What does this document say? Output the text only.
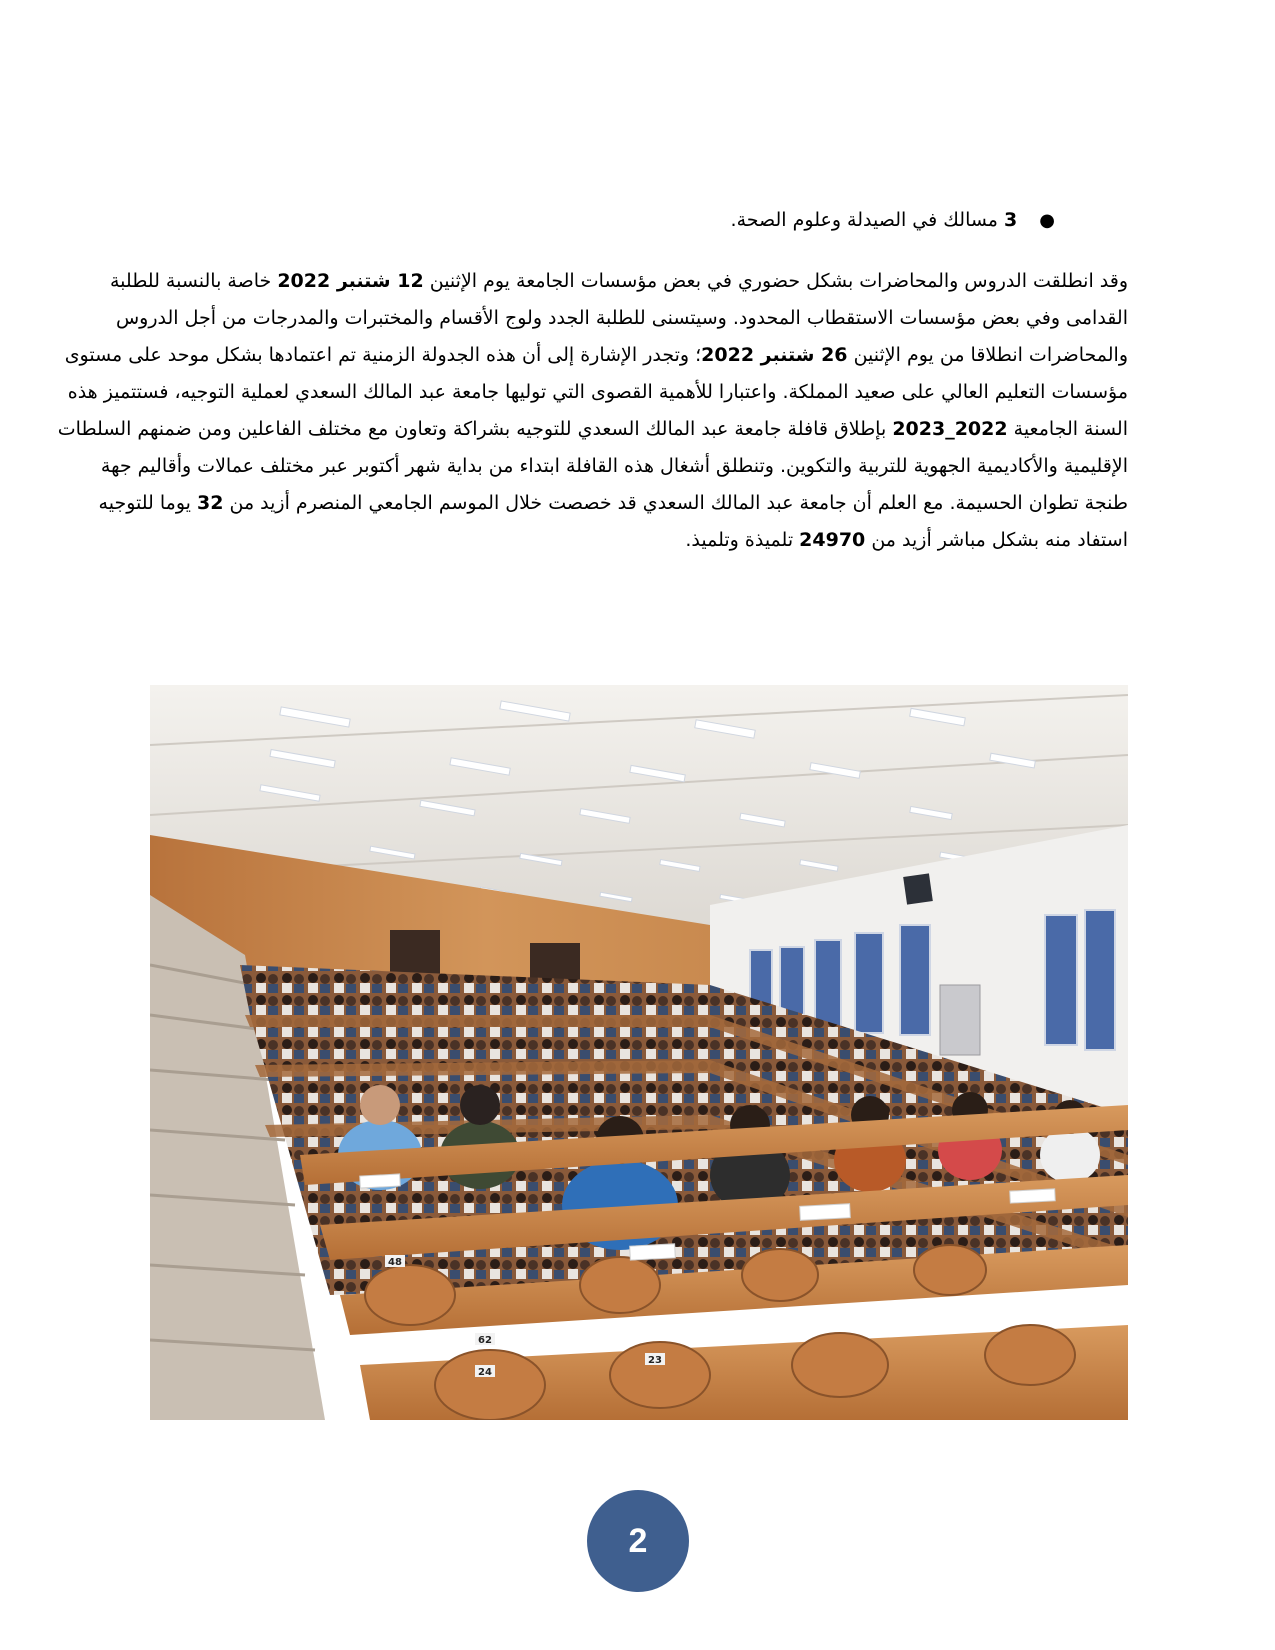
●3 مسالك في الصيدلة وعلوم الصحة.
وقد انطلقت الدروس والمحاضرات بشكل حضوري في بعض مؤسسات الجامعة يوم الإثنين 12 شتنبر 2022 خاصة بالنسبة للطلبة
القدامى وفي بعض مؤسسات الاستقطاب المحدود. وسيتسنى للطلبة الجدد ولوج الأقسام والمختبرات والمدرجات من أجل الدروس
والمحاضرات انطلاقا من يوم الإثنين 26 شتنبر 2022؛ وتجدر الإشارة إلى أن هذه الجدولة الزمنية تم اعتمادها بشكل موحد على مستوى
مؤسسات التعليم العالي على صعيد المملكة. واعتبارا للأهمية القصوى التي توليها جامعة عبد المالك السعدي لعملية التوجيه، فستتميز هذه
السنة الجامعية 2022_2023 بإطلاق قافلة جامعة عبد المالك السعدي للتوجيه بشراكة وتعاون مع مختلف الفاعلين ومن ضمنهم السلطات
الإقليمية والأكاديمية الجهوية للتربية والتكوين. وتنطلق أشغال هذه القافلة ابتداء من بداية شهر أكتوبر عبر مختلف عمالات وأقاليم جهة
طنجة تطوان الحسيمة. مع العلم أن جامعة عبد المالك السعدي قد خصصت خلال الموسم الجامعي المنصرم أزيد من 32 يوما للتوجيه
استفاد منه بشكل مباشر أزيد من 24970 تلميذة وتلميذ.
48
62
24
23
2
